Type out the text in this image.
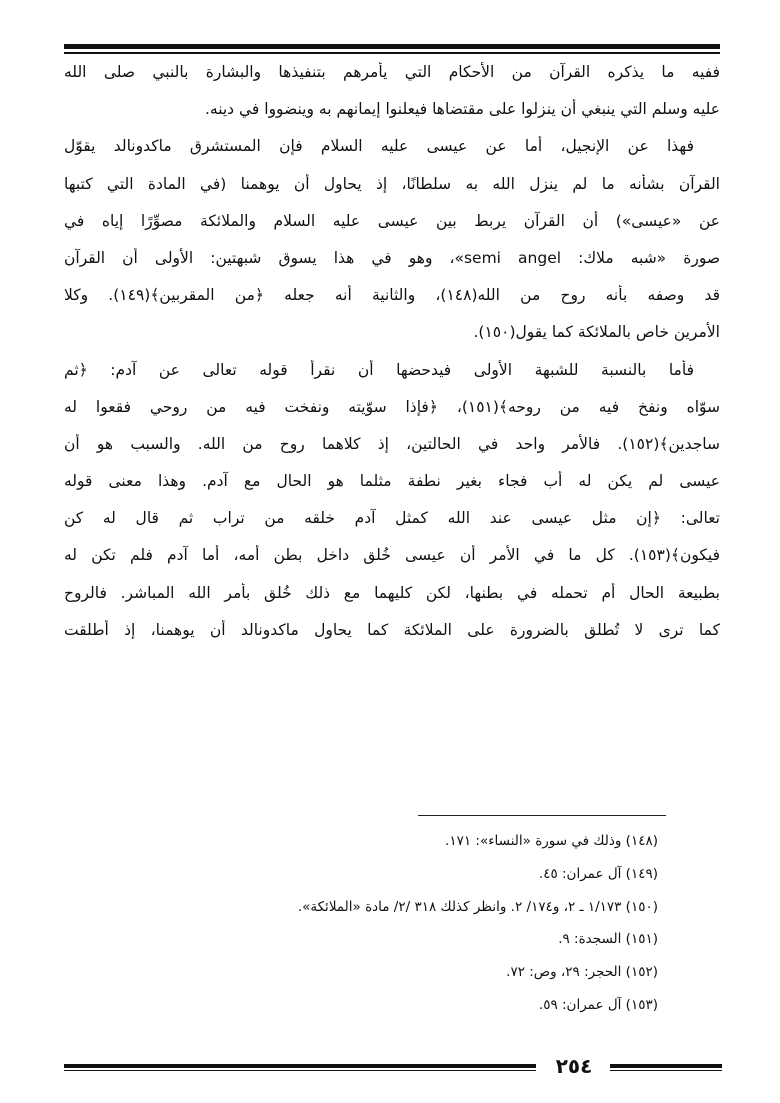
ففيه ما يذكره القرآن من الأحكام التي يأمرهم بتنفيذها والبشارة بالنبي صلى الله
عليه وسلم التي ينبغي أن ينزلوا على مقتضاها فيعلنوا إيمانهم به وينضووا في دينه.
فهذا عن الإنجيل، أما عن عيسى عليه السلام فإن المستشرق ماكدونالد يقوّل
القرآن بشأنه ما لم ينزل الله به سلطانًا، إذ يحاول أن يوهمنا (في المادة التي كتبها
عن «عيسى») أن القرآن يربط بين عيسى عليه السلام والملائكة مصوِّرًا إياه في
صورة «شبه ملاك: semi angel»، وهو في هذا يسوق شبهتين: الأولى أن القرآن
قد وصفه بأنه روح من الله(١٤٨)، والثانية أنه جعله ﴿من المقربين﴾(١٤٩). وكلا
الأمرين خاص بالملائكة كما يقول(١٥٠).
فأما بالنسبة للشبهة الأولى فيدحضها أن نقرأ قوله تعالى عن آدم: ﴿ثم
سوّاه ونفخ فيه من روحه﴾(١٥١)، ﴿فإذا سوّيته ونفخت فيه من روحي فقعوا له
ساجدين﴾(١٥٢). فالأمر واحد في الحالتين، إذ كلاهما روح من الله. والسبب هو أن
عيسى لم يكن له أب فجاء بغير نطفة مثلما هو الحال مع آدم. وهذا معنى قوله
تعالى: ﴿إن مثل عيسى عند الله كمثل آدم خلقه من تراب ثم قال له كن
فيكون﴾(١٥٣). كل ما في الأمر أن عيسى خُلق داخل بطن أمه، أما آدم فلم تكن له
بطبيعة الحال أم تحمله في بطنها، لكن كليهما مع ذلك خُلق بأمر الله المباشر. فالروح
كما ترى لا تُطلق بالضرورة على الملائكة كما يحاول ماكدونالد أن يوهمنا، إذ أطلقت
(١٤٨) وذلك في سورة «النساء»: ١٧١.
(١٤٩) آل عمران: ٤٥.
(١٥٠) ١/١٧٣ ـ ٢، و١٧٤/ ٢. وانظر كذلك ٣١٨ /٢/ مادة «الملائكة».
(١٥١) السجدة: ٩.
(١٥٢) الحجر: ٢٩، وص: ٧٢.
(١٥٣) آل عمران: ٥٩.
٢٥٤
